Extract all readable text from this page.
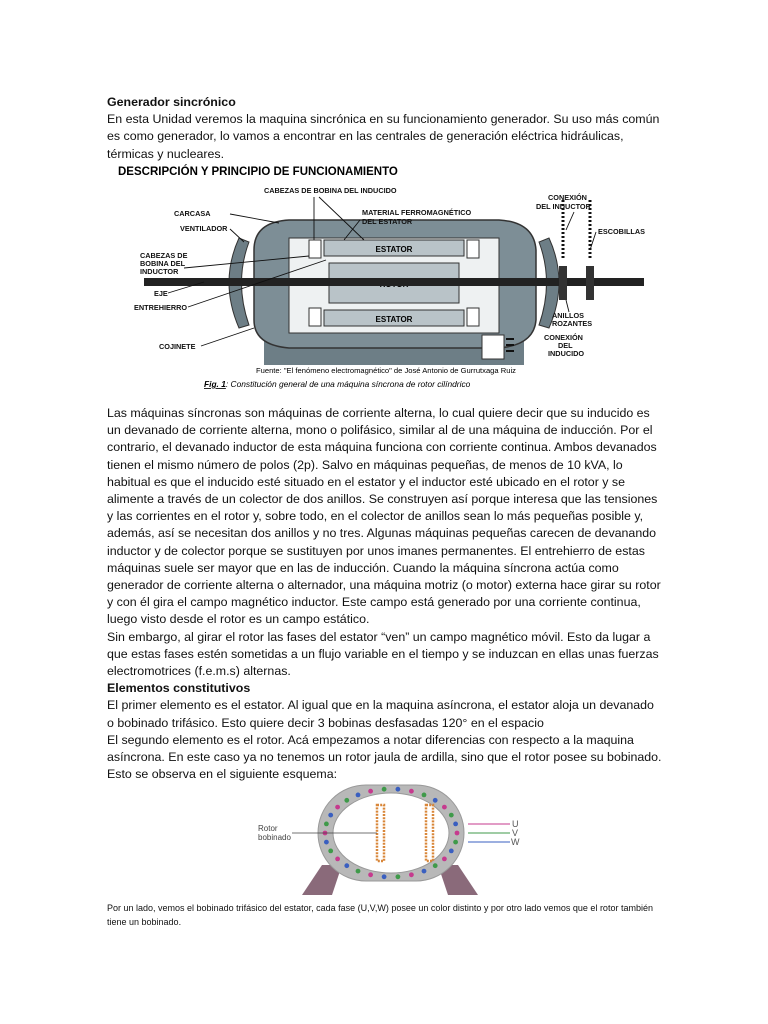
Generador sincrónico

En esta Unidad veremos la maquina sincrónica en su funcionamiento generador. Su uso más común es como generador, lo vamos a encontrar en las centrales de generación eléctrica hidráulicas, térmicas y nucleares.

DESCRIPCIÓN Y PRINCIPIO DE FUNCIONAMIENTO
ESTATOR
ESTATOR
CABEZAS DE BOBINA DEL INDUCIDO
CARCASA	MATERIAL FERROMAGNÉTICO
DEL ESTATOR
VENTILADOR
CABEZAS DE
BOBINA DEL
INDUCTOR
EJE
ENTREHIERRO
COJINETE
CONEXIÓN
DEL INDUCTOR
ESCOBILLAS
ANILLOS
ROZANTES
CONEXIÓN
DEL
INDUCIDO
Fuente: "El fenómeno electromagnético" de José Antonio de Gurrutxaga Ruiz
Fig. 1: Constitución general de una máquina síncrona de rotor cilíndrico

Las máquinas síncronas son máquinas de corriente alterna, lo cual quiere decir que su inducido es un devanado de corriente alterna, mono o polifásico, similar al de una máquina de inducción. Por el contrario, el devanado inductor de esta máquina funciona con corriente continua. Ambos devanados tienen el mismo número de polos (2p). Salvo en máquinas pequeñas, de menos de 10 kVA, lo habitual es que el inducido esté situado en el estator y el inductor esté ubicado en el rotor y se alimente a través de un colector de dos anillos. Se construyen así porque interesa que las tensiones y las corrientes en el rotor y, sobre todo, en el colector de anillos sean lo más pequeñas posible y, además, así se necesitan dos anillos y no tres. Algunas máquinas pequeñas carecen de devanando inductor y de colector porque se sustituyen por unos imanes permanentes. El entrehierro de estas máquinas suele ser mayor que en las de inducción. Cuando la máquina síncrona actúa como generador de corriente alterna o alternador, una máquina motriz (o motor) externa hace girar su rotor y con él gira el campo magnético inductor. Este campo está generado por una corriente continua, luego visto desde el rotor es un campo estático.

Sin embargo, al girar el rotor las fases del estator “ven” un campo magnético móvil. Esto da lugar a que estas fases estén sometidas a un flujo variable en el tiempo y se induzcan en ellas unas fuerzas electromotrices (f.e.m.s) alternas.

Elementos constitutivos

El primer elemento es el estator. Al igual que en la maquina asíncrona, el estator aloja un devanado o bobinado trifásico. Esto quiere decir 3 bobinas desfasadas 120° en el espacio

El segundo elemento es el rotor. Acá empezamos a notar diferencias con respecto a la maquina asíncrona. En este caso ya no tenemos un rotor jaula de ardilla, sino que el rotor posee su bobinado. Esto se observa en el siguiente esquema:

Rotor
bobinado
U
V
W
Por un lado, vemos el bobinado trifásico del estator, cada fase (U,V,W) posee un color distinto y por otro lado vemos que el rotor también tiene un bobinado.
